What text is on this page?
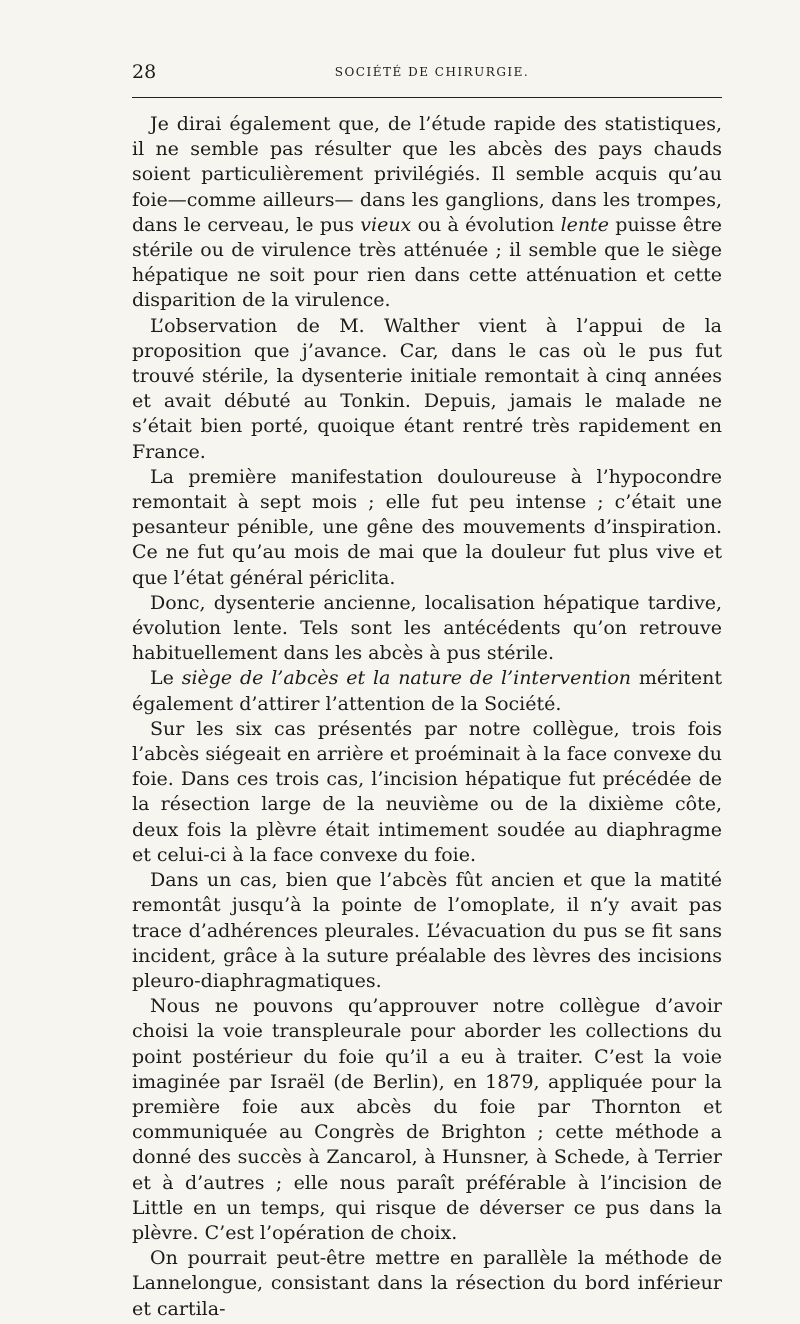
28	SOCIÉTÉ DE CHIRURGIE.

Je dirai également que, de l’étude rapide des statistiques, il ne semble pas résulter que les abcès des pays chauds soient particulièrement privilégiés. Il semble acquis qu’au foie—comme ailleurs— dans les ganglions, dans les trompes, dans le cerveau, le pus vieux ou à évolution lente puisse être stérile ou de virulence très atténuée ; il semble que le siège hépatique ne soit pour rien dans cette atténuation et cette disparition de la virulence.

L’observation de M. Walther vient à l’appui de la proposition que j’avance. Car, dans le cas où le pus fut trouvé stérile, la dysenterie initiale remontait à cinq années et avait débuté au Tonkin. Depuis, jamais le malade ne s’était bien porté, quoique étant rentré très rapidement en France.

La première manifestation douloureuse à l’hypocondre remontait à sept mois ; elle fut peu intense ; c’était une pesanteur pénible, une gêne des mouvements d’inspiration. Ce ne fut qu’au mois de mai que la douleur fut plus vive et que l’état général périclita.

Donc, dysenterie ancienne, localisation hépatique tardive, évolution lente. Tels sont les antécédents qu’on retrouve habituellement dans les abcès à pus stérile.

Le siège de l’abcès et la nature de l’intervention méritent également d’attirer l’attention de la Société.

Sur les six cas présentés par notre collègue, trois fois l’abcès siégeait en arrière et proéminait à la face convexe du foie. Dans ces trois cas, l’incision hépatique fut précédée de la résection large de la neuvième ou de la dixième côte, deux fois la plèvre était intimement soudée au diaphragme et celui-ci à la face convexe du foie.

Dans un cas, bien que l’abcès fût ancien et que la matité remontât jusqu’à la pointe de l’omoplate, il n’y avait pas trace d’adhérences pleurales. L’évacuation du pus se fit sans incident, grâce à la suture préalable des lèvres des incisions pleuro-diaphragmatiques.

Nous ne pouvons qu’approuver notre collègue d’avoir choisi la voie transpleurale pour aborder les collections du point postérieur du foie qu’il a eu à traiter. C’est la voie imaginée par Israël (de Berlin), en 1879, appliquée pour la première foie aux abcès du foie par Thornton et communiquée au Congrès de Brighton ; cette méthode a donné des succès à Zancarol, à Hunsner, à Schede, à Terrier et à d’autres ; elle nous paraît préférable à l’incision de Little en un temps, qui risque de déverser ce pus dans la plèvre. C’est l’opération de choix.

On pourrait peut-être mettre en parallèle la méthode de Lannelongue, consistant dans la résection du bord inférieur et cartila-
